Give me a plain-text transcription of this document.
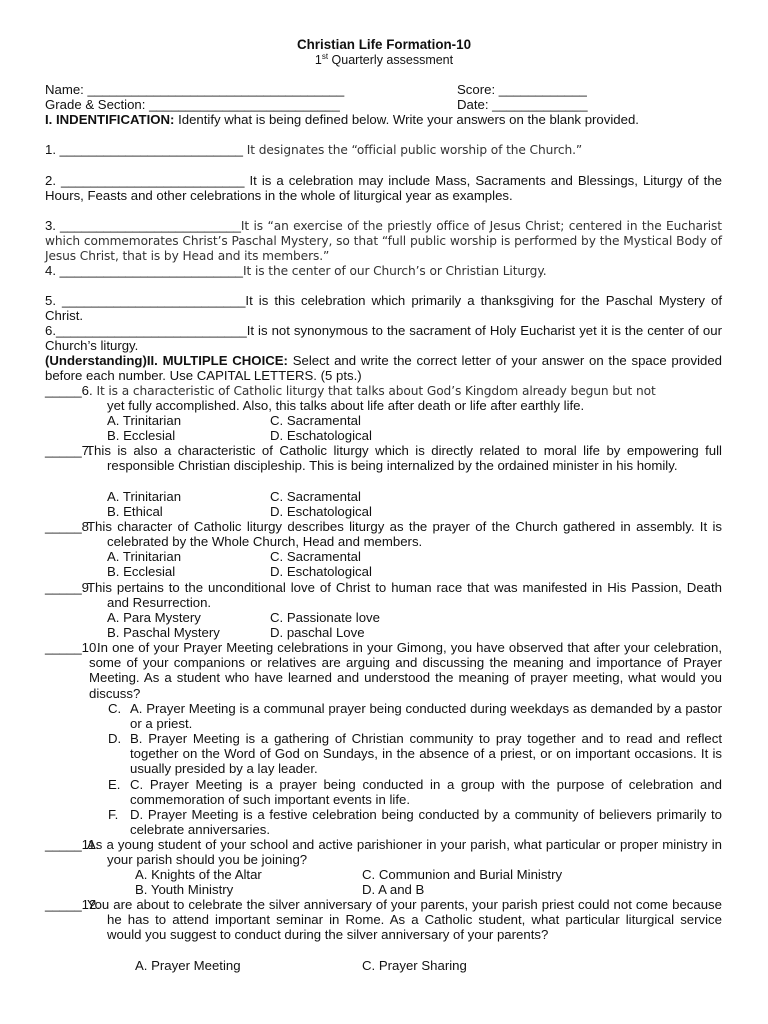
Christian Life Formation-10
1st Quarterly assessment
Name: ___________________________________	Score: ____________
Grade & Section: __________________________	Date: _____________
I. INDENTIFICATION: Identify what is being defined below. Write your answers on the blank provided.
1. _________________________ It designates the “official public worship of the Church.”
2. _________________________ It is a celebration may include Mass, Sacraments and Blessings, Liturgy of the Hours, Feasts and other celebrations in the whole of liturgical year as examples.
3. _________________________It is “an exercise of the priestly office of Jesus Christ; centered in the Eucharist which commemorates Christ’s Paschal Mystery, so that “full public worship is performed by the Mystical Body of Jesus Christ, that is by Head and its members.”
4. _________________________It is the center of our Church’s or Christian Liturgy.
5. _________________________It is this celebration which primarily a thanksgiving for the Paschal Mystery of Christ.
6.__________________________It is not synonymous to the sacrament of Holy Eucharist yet it is the center of our Church’s liturgy.
(Understanding)II. MULTIPLE CHOICE: Select and write the correct letter of your answer on the space provided before each number. Use CAPITAL LETTERS. (5 pts.)
_____6. It is a characteristic of Catholic liturgy that talks about God’s Kingdom already begun but not
yet fully accomplished. Also, this talks about life after death or life after earthly life.
A. Trinitarian	C. Sacramental
B. Ecclesial	D. Eschatological
_____7.
This is also a characteristic of Catholic liturgy which is directly related to moral life by empowering full responsible Christian discipleship. This is being internalized by the ordained minister in his homily.
A. Trinitarian	C. Sacramental
B. Ethical	D. Eschatological
_____8.
This character of Catholic liturgy describes liturgy as the prayer of the Church gathered in assembly. It is celebrated by the Whole Church, Head and members.
A. Trinitarian	C. Sacramental
B. Ecclesial	D. Eschatological
_____9.
This pertains to the unconditional love of Christ to human race that was manifested in His Passion, Death and Resurrection.
A. Para Mystery	C. Passionate love
B. Paschal Mystery	D. paschal Love
_____10.
In one of your Prayer Meeting celebrations in your Gimong, you have observed that after your celebration, some of your companions or relatives are arguing and discussing the meaning and importance of Prayer Meeting. As a student who have learned and understood the meaning of prayer meeting, what would you discuss?
C. A. Prayer Meeting is a communal prayer being conducted during weekdays as demanded by a pastor or a priest.
D. B. Prayer Meeting is a gathering of Christian community to pray together and to read and reflect together on the Word of God on Sundays, in the absence of a priest, or on important occasions. It is usually presided by a lay leader.
E. C. Prayer Meeting is a prayer being conducted in a group with the purpose of celebration and commemoration of such important events in life.
F. D. Prayer Meeting is a festive celebration being conducted by a community of believers primarily to celebrate anniversaries.
_____11.
As a young student of your school and active parishioner in your parish, what particular or proper ministry in your parish should you be joining?
A. Knights of the Altar	C. Communion and Burial Ministry
B. Youth Ministry	D. A and B
_____12.
You are about to celebrate the silver anniversary of your parents, your parish priest could not come because he has to attend important seminar in Rome. As a Catholic student, what particular liturgical service would you suggest to conduct during the silver anniversary of your parents?
A. Prayer Meeting	C. Prayer Sharing
